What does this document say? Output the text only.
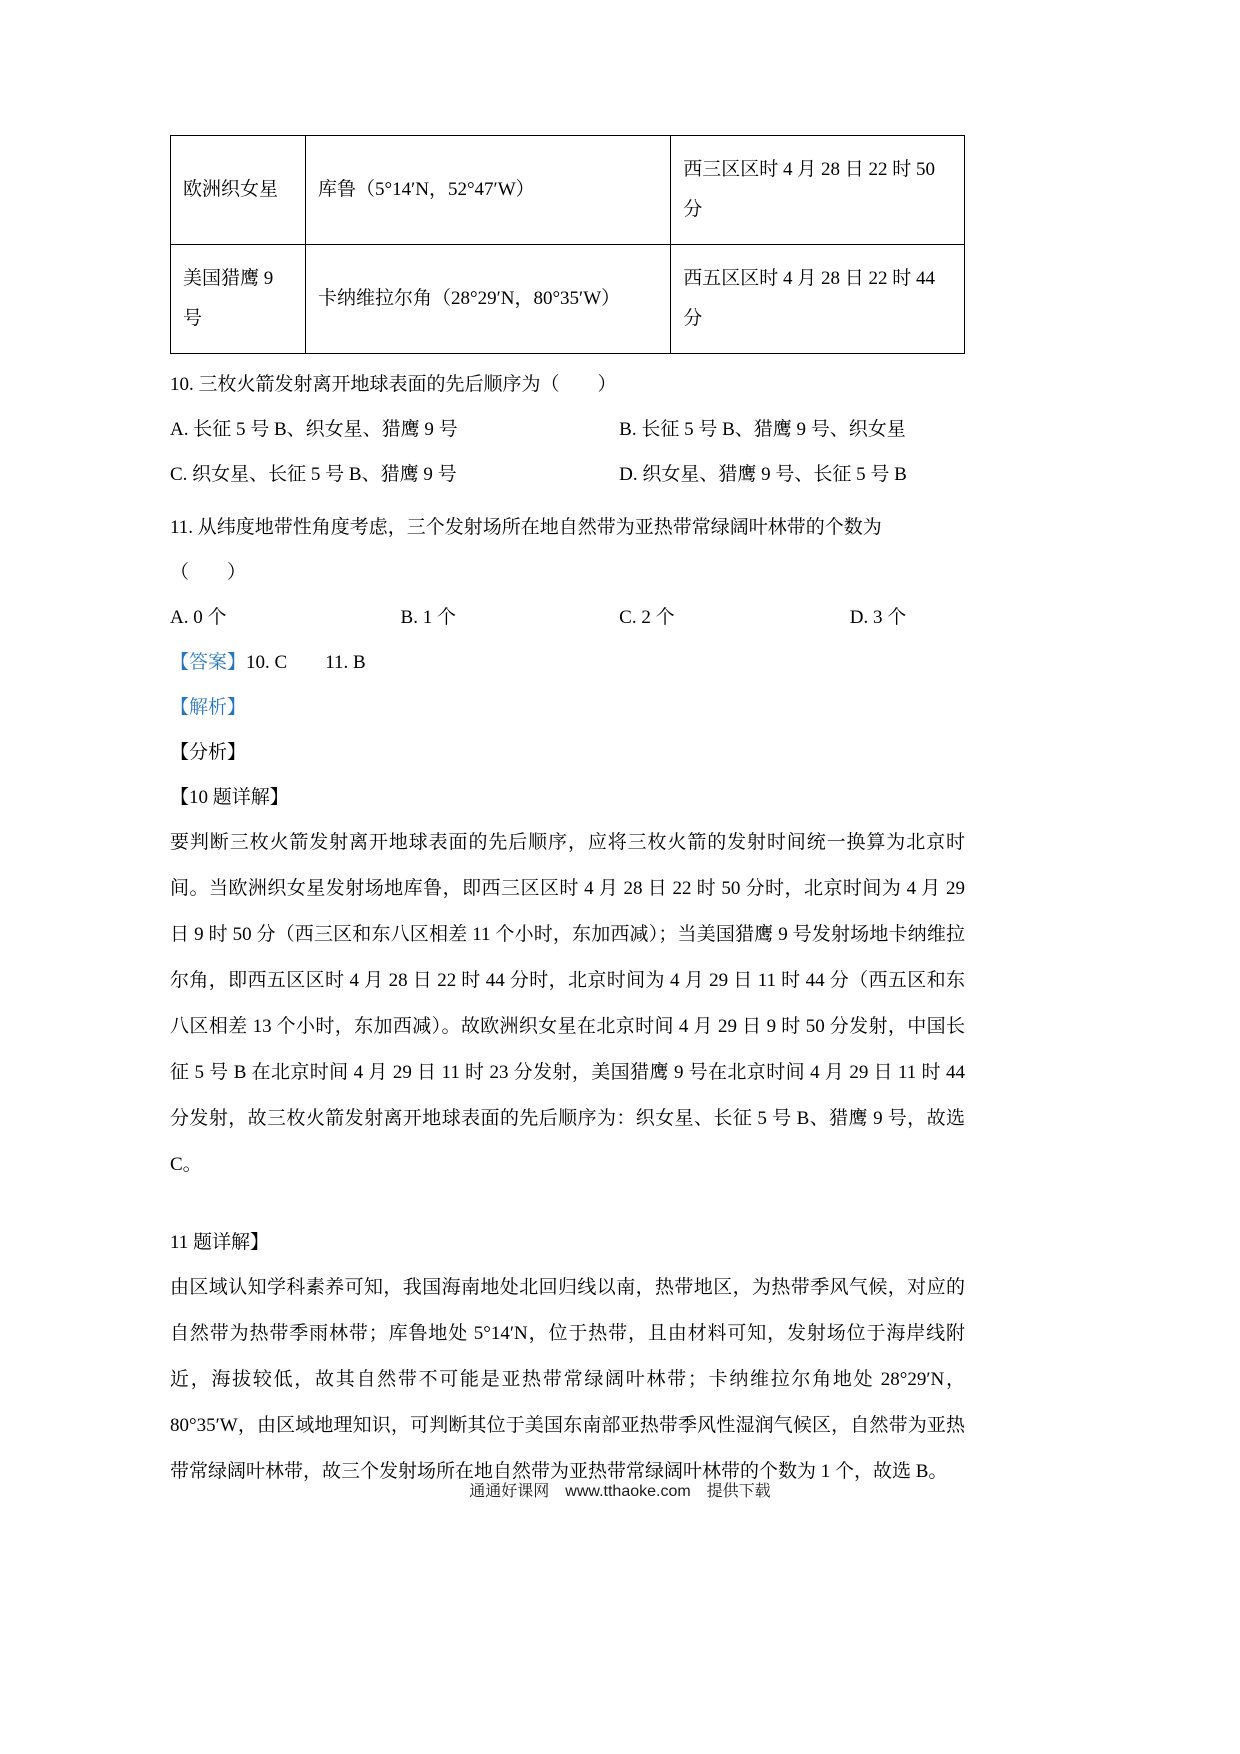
欧洲织女星	库鲁（5°14′N，52°47′W）	西三区区时 4 月 28 日 22 时 50 分
美国猎鹰 9 号	卡纳维拉尔角（28°29′N，80°35′W）	西五区区时 4 月 28 日 22 时 44 分

10. 三枚火箭发射离开地球表面的先后顺序为（　　）

A. 长征 5 号 B、织女星、猎鹰 9 号	B. 长征 5 号 B、猎鹰 9 号、织女星
C. 织女星、长征 5 号 B、猎鹰 9 号	D. 织女星、猎鹰 9 号、长征 5 号 B

11. 从纬度地带性角度考虑，三个发射场所在地自然带为亚热带常绿阔叶林带的个数为

（　　）

A. 0 个	B. 1 个	C. 2 个	D. 3 个

【答案】10. C　　11. B

【解析】

【分析】

【10 题详解】

要判断三枚火箭发射离开地球表面的先后顺序，应将三枚火箭的发射时间统一换算为北京时间。当欧洲织女星发射场地库鲁，即西三区区时 4 月 28 日 22 时 50 分时，北京时间为 4 月 29 日 9 时 50 分（西三区和东八区相差 11 个小时，东加西减）；当美国猎鹰 9 号发射场地卡纳维拉尔角，即西五区区时 4 月 28 日 22 时 44 分时，北京时间为 4 月 29 日 11 时 44 分（西五区和东八区相差 13 个小时，东加西减）。故欧洲织女星在北京时间 4 月 29 日 9 时 50 分发射，中国长征 5 号 B 在北京时间 4 月 29 日 11 时 23 分发射，美国猎鹰 9 号在北京时间 4 月 29 日 11 时 44 分发射，故三枚火箭发射离开地球表面的先后顺序为：织女星、长征 5 号 B、猎鹰 9 号，故选 C。

11 题详解】

由区域认知学科素养可知，我国海南地处北回归线以南，热带地区，为热带季风气候，对应的自然带为热带季雨林带；库鲁地处 5°14′N，位于热带，且由材料可知，发射场位于海岸线附近，海拔较低，故其自然带不可能是亚热带常绿阔叶林带；卡纳维拉尔角地处 28°29′N，80°35′W，由区域地理知识，可判断其位于美国东南部亚热带季风性湿润气候区，自然带为亚热带常绿阔叶林带，故三个发射场所在地自然带为亚热带常绿阔叶林带的个数为 1 个，故选 B。

通通好课网　www.tthaoke.com　提供下载
